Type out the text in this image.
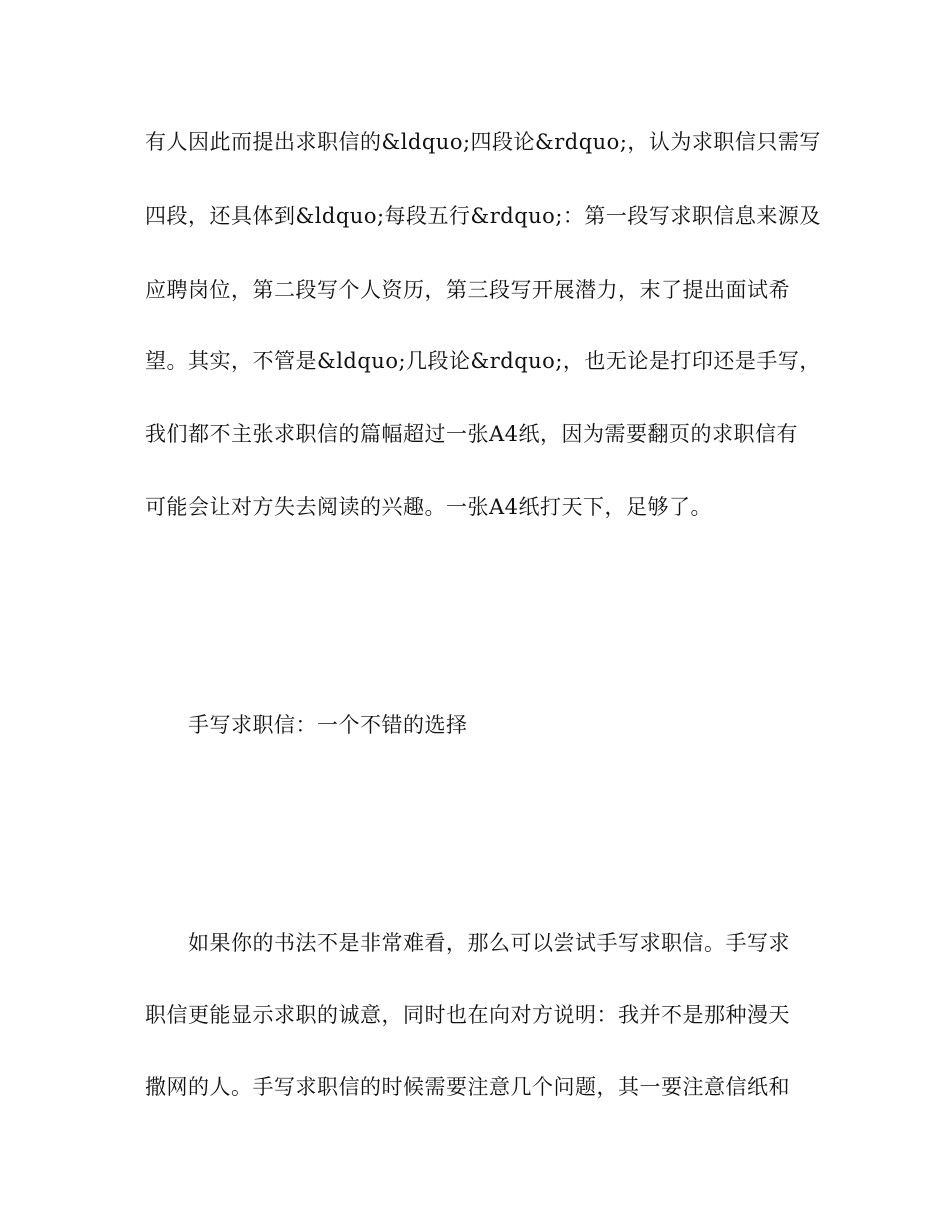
有人因此而提出求职信的&ldquo;四段论&rdquo;，认为求职信只需写
四段，还具体到&ldquo;每段五行&rdquo;：第一段写求职信息来源及
应聘岗位，第二段写个人资历，第三段写开展潜力，末了提出面试希
望。其实，不管是&ldquo;几段论&rdquo;，也无论是打印还是手写，
我们都不主张求职信的篇幅超过一张A4纸，因为需要翻页的求职信有
可能会让对方失去阅读的兴趣。一张A4纸打天下，足够了。
手写求职信：一个不错的选择
如果你的书法不是非常难看，那么可以尝试手写求职信。手写求
职信更能显示求职的诚意，同时也在向对方说明：我并不是那种漫天
撒网的人。手写求职信的时候需要注意几个问题，其一要注意信纸和
